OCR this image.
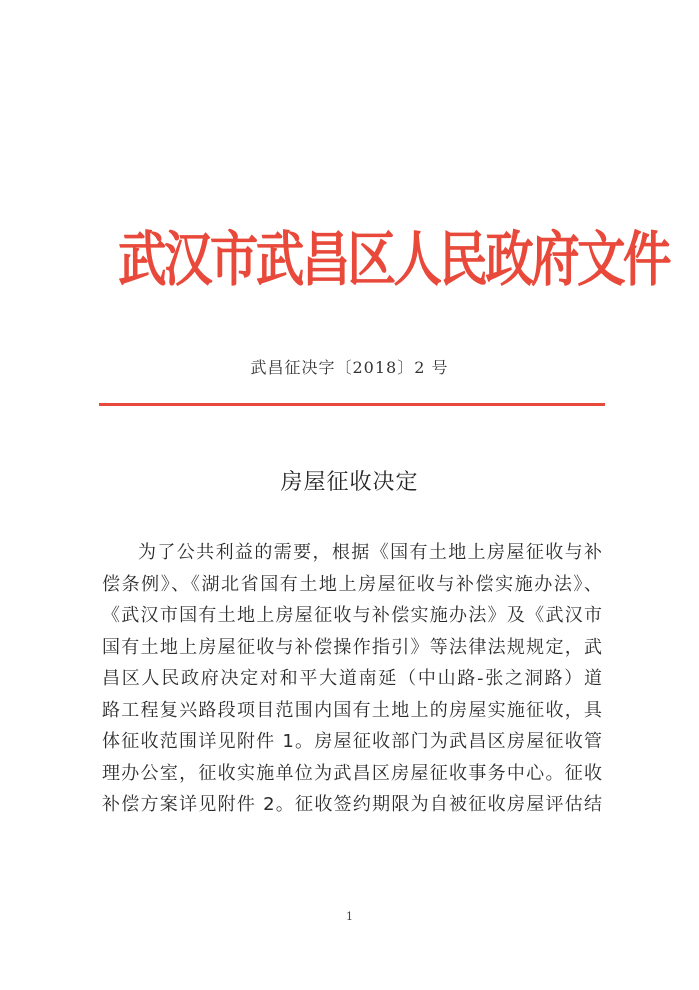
武汉市武昌区人民政府文件
武昌征决字〔2018〕2 号
房屋征收决定
为了公共利益的需要，根据《国有土地上房屋征收与补
偿条例》、《湖北省国有土地上房屋征收与补偿实施办法》、
《武汉市国有土地上房屋征收与补偿实施办法》及《武汉市
国有土地上房屋征收与补偿操作指引》等法律法规规定，武
昌区人民政府决定对和平大道南延（中山路-张之洞路）道
路工程复兴路段项目范围内国有土地上的房屋实施征收，具
体征收范围详见附件 1。房屋征收部门为武昌区房屋征收管
理办公室，征收实施单位为武昌区房屋征收事务中心。征收
补偿方案详见附件 2。征收签约期限为自被征收房屋评估结
1
